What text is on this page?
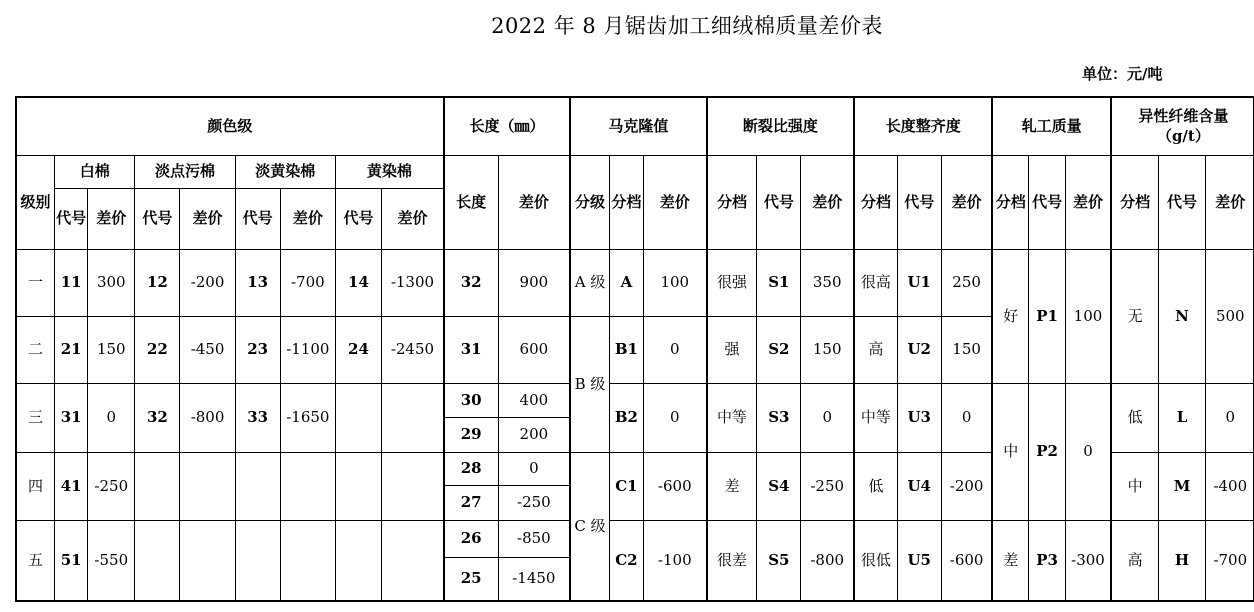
2022 年 8 月锯齿加工细绒棉质量差价表
单位：元/吨
颜色级									长度（㎜）		马克隆值			断裂比强度			长度整齐度			轧工质量			异性纤维含量
（g/t）		
级别	白棉		淡点污棉		淡黄染棉		黄染棉		长度	差价	分级	分档	差价	分档	代号	差价	分档	代号	差价	分档	代号	差价	分档	代号	差价
	代号	差价	代号	差价	代号	差价	代号	差价																	
一	11	300	12	-200	13	-700	14	-1300	32	900	A 级	A	100	很强	S1	350	很高	U1	250	好	P1	100	无	N	500
二	21	150	22	-450	23	-1100	24	-2450	31	600	B 级	B1	0	强	S2	150	高	U2	150						
三	31	0	32	-800	33	-1650			30	400		B2	0	中等	S3	0	中等	U3	0	中	P2	0	低	L	0
									29	200															
四	41	-250							28	0	C 级	C1	-600	差	S4	-250	低	U4	-200				中	M	-400
									27	-250															
五	51	-550							26	-850		C2	-100	很差	S5	-800	很低	U5	-600	差	P3	-300	高	H	-700
									25	-1450															
